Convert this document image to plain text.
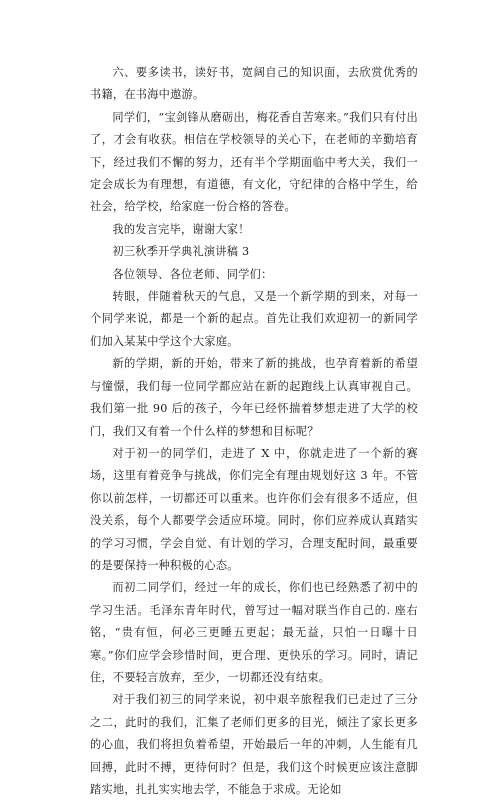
六、要多读书，读好书，宽阔自己的知识面，去欣赏优秀的书籍，在书海中遨游。

同学们，“宝剑锋从磨砺出，梅花香自苦寒来。”我们只有付出了，才会有收获。相信在学校领导的关心下，在老师的辛勤培育下，经过我们不懈的努力，还有半个学期面临中考大关，我们一定会成长为有理想，有道德，有文化，守纪律的合格中学生，给社会，给学校，给家庭一份合格的答卷。

我的发言完毕，谢谢大家！

初三秋季开学典礼演讲稿 3

各位领导、各位老师、同学们：

转眼，伴随着秋天的气息，又是一个新学期的到来，对每一个同学来说，都是一个新的起点。首先让我们欢迎初一的新同学们加入某某中学这个大家庭。

新的学期，新的开始，带来了新的挑战，也孕育着新的希望与憧憬，我们每一位同学都应站在新的起跑线上认真审视自己。我们第一批 90 后的孩子，今年已经怀揣着梦想走进了大学的校门，我们又有着一个什么样的梦想和目标呢？

对于初一的同学们，走进了 X 中，你就走进了一个新的赛场，这里有着竞争与挑战，你们完全有理由规划好这 3 年。不管你以前怎样，一切都还可以重来。也许你们会有很多不适应，但没关系，每个人都要学会适应环境。同时，你们应养成认真踏实的学习习惯，学会自觉、有计划的学习，合理支配时间，最重要的是要保持一种积极的心态。

而初二同学们，经过一年的成长，你们也已经熟悉了初中的学习生活。毛泽东青年时代，曾写过一幅对联当作自己的. 座右铭，“贵有恒，何必三更睡五更起；最无益，只怕一日曝十日寒。”你们应学会珍惜时间，更合理、更快乐的学习。同时，请记住，不要轻言放弃，至少，一切都还没有结束。

对于我们初三的同学来说，初中艰辛旅程我们已走过了三分之二，此时的我们，汇集了老师们更多的目光，倾注了家长更多的心血，我们将担负着希望，开始最后一年的冲刺，人生能有几回搏，此时不搏，更待何时？但是，我们这个时候更应该注意脚踏实地，扎扎实实地去学，不能急于求成。无论如
